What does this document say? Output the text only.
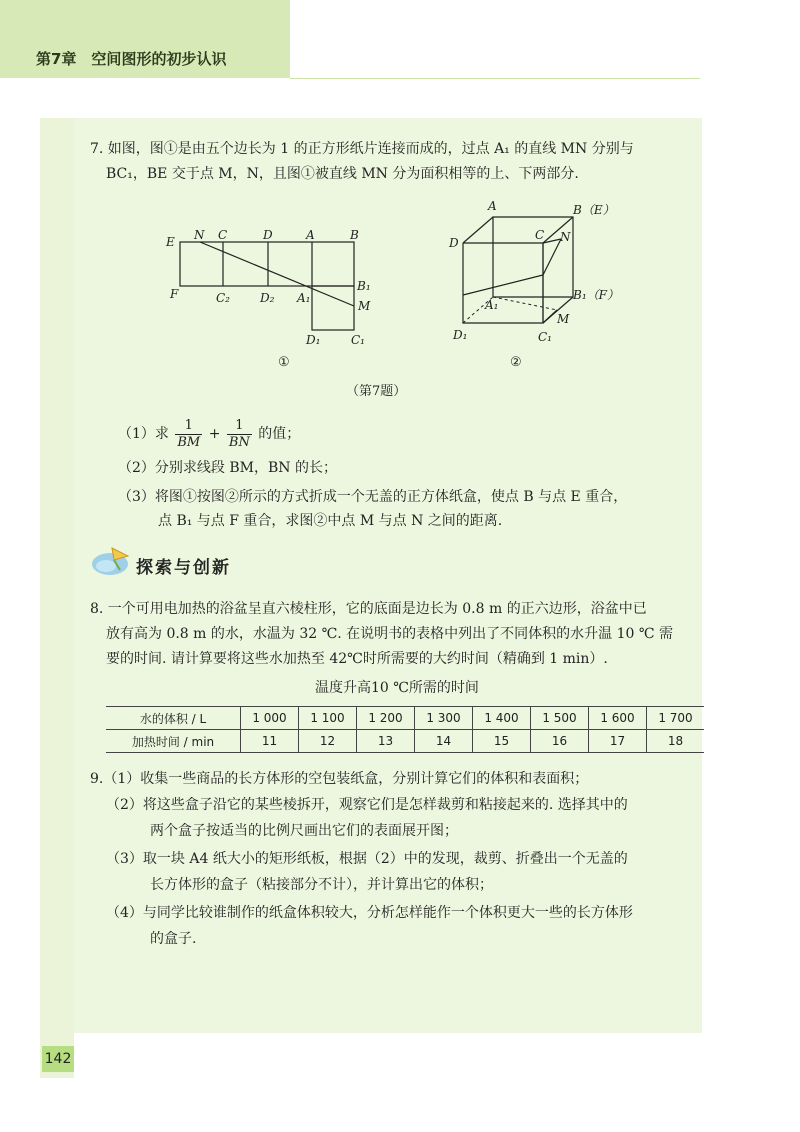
第7章　空间图形的初步认识
7. 如图，图①是由五个边长为 1 的正方形纸片连接而成的，过点 A₁ 的直线 MN 分别与
BC₁，BE 交于点 M，N，且图①被直线 MN 分为面积相等的上、下两部分.
E N C	D	A	B
F	C₂	D₂ A₁
B₁
M
D₁	C₁
①
A	B（E）
D
C N
A₁
B₁（F）
M
D₁	C₁
②
（第7题）
（1）求 $\frac{1}{BM} + \frac{1}{BN}$ 的值；
（2）分别求线段 BM，BN 的长；
（3）将图①按图②所示的方式折成一个无盖的正方体纸盒，使点 B 与点 E 重合，
点 B₁ 与点 F 重合，求图②中点 M 与点 N 之间的距离.
探索与创新
8. 一个可用电加热的浴盆呈直六棱柱形，它的底面是边长为 0.8 m 的正六边形，浴盆中已
放有高为 0.8 m 的水，水温为 32 ℃. 在说明书的表格中列出了不同体积的水升温 10 ℃ 需
要的时间. 请计算要将这些水加热至 42℃时所需要的大约时间（精确到 1 min）.
温度升高10 ℃所需的时间
水的体积 / L	1 000	1 100	1 200	1 300	1 400	1 500	1 600	1 700
加热时间 / min	11	12	13	14	15	16	17	18
9.（1）收集一些商品的长方体形的空包装纸盒，分别计算它们的体积和表面积；
（2）将这些盒子沿它的某些棱拆开，观察它们是怎样裁剪和粘接起来的. 选择其中的
两个盒子按适当的比例尺画出它们的表面展开图；
（3）取一块 A4 纸大小的矩形纸板，根据（2）中的发现，裁剪、折叠出一个无盖的
长方体形的盒子（粘接部分不计），并计算出它的体积；
（4）与同学比较谁制作的纸盒体积较大，分析怎样能作一个体积更大一些的长方体形
的盒子.
142
